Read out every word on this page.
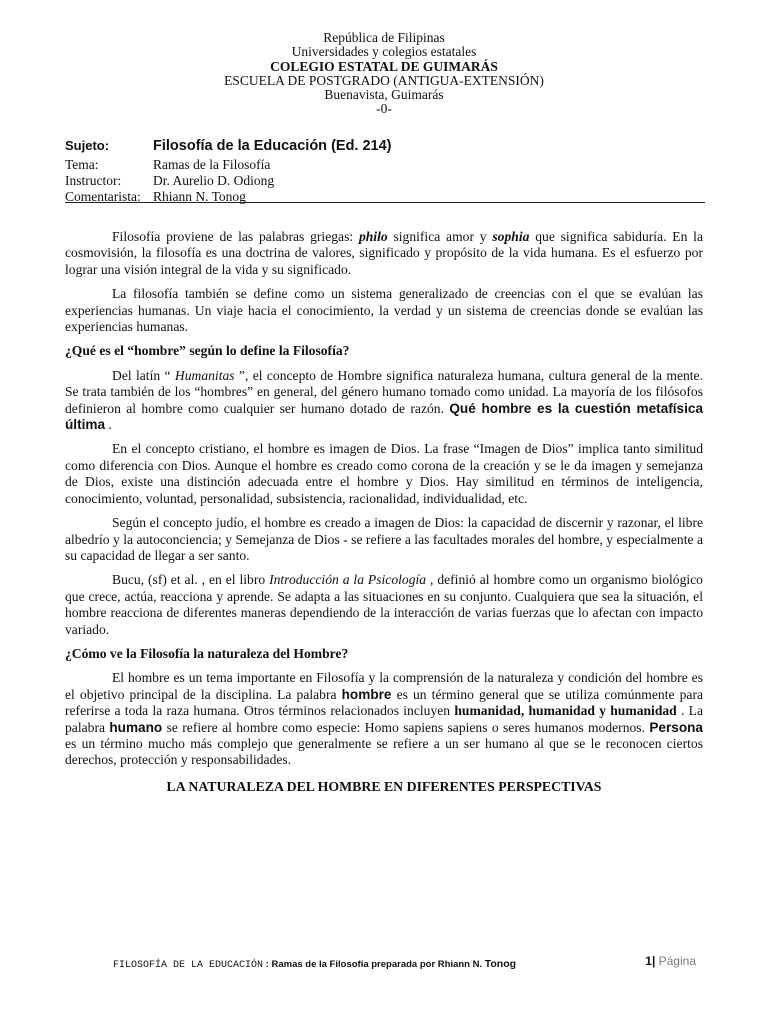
República de Filipinas
Universidades y colegios estatales
COLEGIO ESTATAL DE GUIMARÁS
ESCUELA DE POSTGRADO (ANTIGUA-EXTENSIÓN)
Buenavista, Guimarás
-0-
Sujeto:	Filosofía de la Educación (Ed. 214)
Tema:	Ramas de la Filosofía
Instructor:	Dr. Aurelio D. Odiong
Comentarista: Rhiann N. Tonog

Filosofía proviene de las palabras griegas: philo significa amor y sophia que significa sabiduría. En la cosmovisión, la filosofía es una doctrina de valores, significado y propósito de la vida humana. Es el esfuerzo por lograr una visión integral de la vida y su significado.

La filosofía también se define como un sistema generalizado de creencias con el que se evalúan las experiencias humanas. Un viaje hacia el conocimiento, la verdad y un sistema de creencias donde se evalúan las experiencias humanas.

¿Qué es el “hombre” según lo define la Filosofía?

Del latín “ Humanitas ”, el concepto de Hombre significa naturaleza humana, cultura general de la mente. Se trata también de los “hombres” en general, del género humano tomado como unidad. La mayoría de los filósofos definieron al hombre como cualquier ser humano dotado de razón. Qué hombre es la cuestión metafísica última .

En el concepto cristiano, el hombre es imagen de Dios. La frase “Imagen de Dios” implica tanto similitud como diferencia con Dios. Aunque el hombre es creado como corona de la creación y se le da imagen y semejanza de Dios, existe una distinción adecuada entre el hombre y Dios. Hay similitud en términos de inteligencia, conocimiento, voluntad, personalidad, subsistencia, racionalidad, individualidad, etc.

Según el concepto judío, el hombre es creado a imagen de Dios: la capacidad de discernir y razonar, el libre albedrío y la autoconciencia; y Semejanza de Dios - se refiere a las facultades morales del hombre, y especialmente a su capacidad de llegar a ser santo.

Bucu, (sf) et al. , en el libro Introducción a la Psicología , definió al hombre como un organismo biológico que crece, actúa, reacciona y aprende. Se adapta a las situaciones en su conjunto. Cualquiera que sea la situación, el hombre reacciona de diferentes maneras dependiendo de la interacción de varias fuerzas que lo afectan con impacto variado.

¿Cómo ve la Filosofía la naturaleza del Hombre?

El hombre es un tema importante en Filosofía y la comprensión de la naturaleza y condición del hombre es el objetivo principal de la disciplina. La palabra hombre es un término general que se utiliza comúnmente para referirse a toda la raza humana. Otros términos relacionados incluyen humanidad, humanidad y humanidad . La palabra humano se refiere al hombre como especie: Homo sapiens sapiens o seres humanos modernos. Persona es un término mucho más complejo que generalmente se refiere a un ser humano al que se le reconocen ciertos derechos, protección y responsabilidades.

LA NATURALEZA DEL HOMBRE EN DIFERENTES PERSPECTIVAS
FILOSOFÍA DE LA EDUCACIÓN : Ramas de la Filosofía preparada por Rhiann N. Tonog	1| Página
